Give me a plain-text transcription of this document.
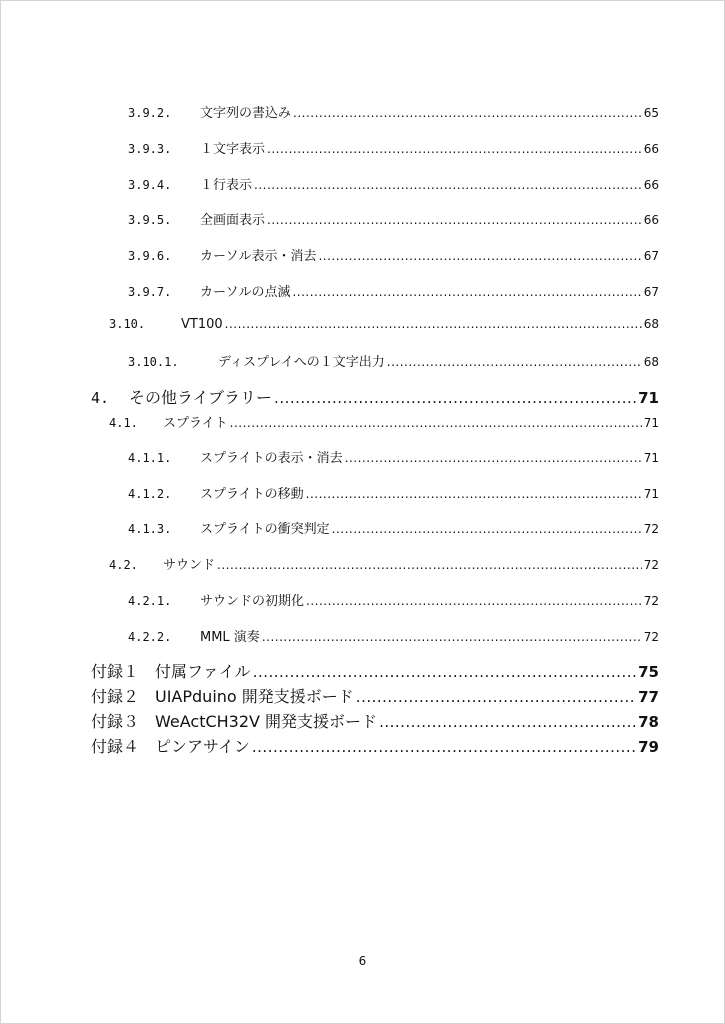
3.9.2.	文字列の書込み .....	65
3.9.3.	１文字表示 .....	66
3.9.4.	１行表示 .....	66
3.9.5.	全画面表示 .....	66
3.9.6.	カーソル表示・消去 .....	67
3.9.7.	カーソルの点滅 .....	67
3.10.	VT100 .....	68
3.10.1.	ディスプレイへの１文字出力 .....	68
4.	その他ライブラリー .....	71
4.1.	スプライト .....	71
4.1.1.	スプライトの表示・消去 .....	71
4.1.2.	スプライトの移動 .....	71
4.1.3.	スプライトの衝突判定 .....	72
4.2.	サウンド .....	72
4.2.1.	サウンドの初期化 .....	72
4.2.2.	MML 演奏 .....	72
付録１ 付属ファイル .....	75
付録２ UIAPduino 開発支援ボード .....	77
付録３ WeActCH32V 開発支援ボード .....	78
付録４ ピンアサイン .....	79
6
